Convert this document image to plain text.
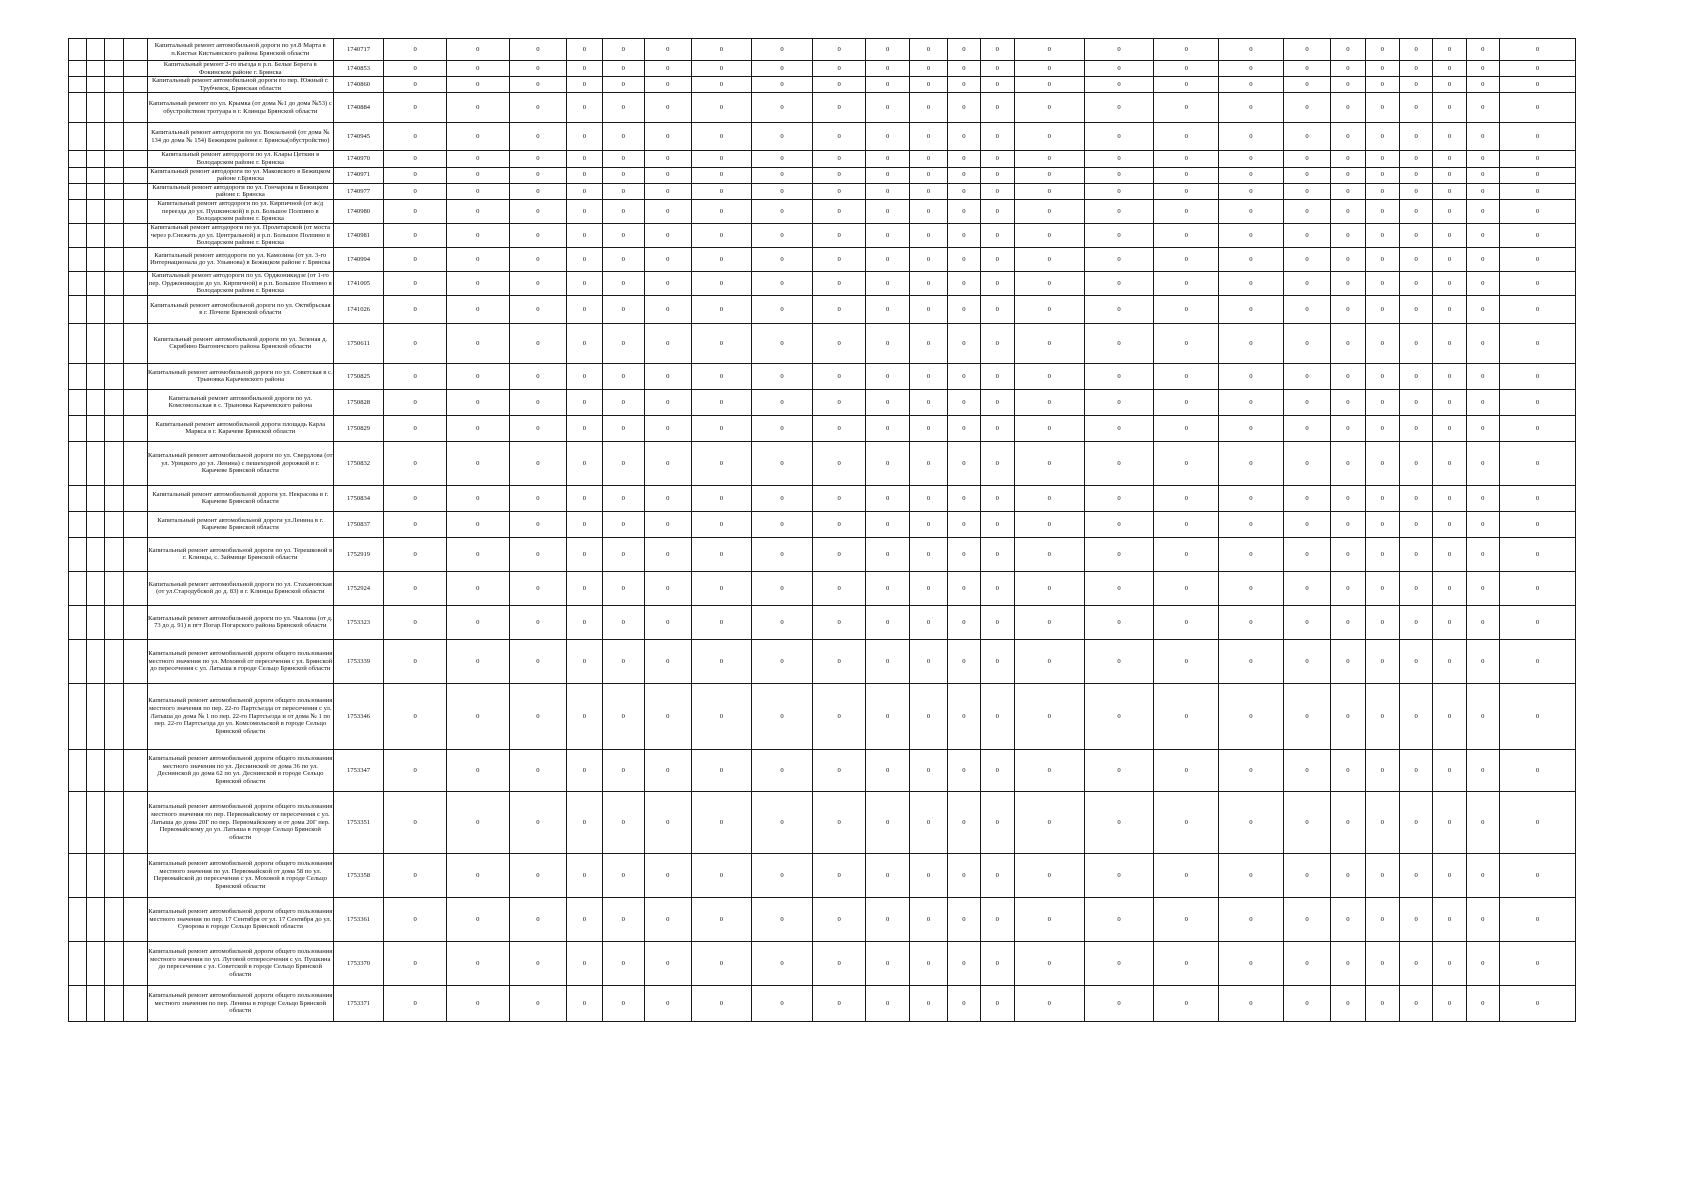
				Капитальный ремонт автомобильной дороги по ул.8 Марта в п.Кистьи Кистьянского района Брянской области	1740717	0	0	0	0	0	0	0	0	0	0	0	0	0	0	0	0	0	0	0	0	0	0	0	0
				Капитальный ремонт 2-го въезда в р.п. Белые Берега в Фокинском районе г. Брянска	1740853	0	0	0	0	0	0	0	0	0	0	0	0	0	0	0	0	0	0	0	0	0	0	0	0
				Капитальный ремонт автомобильной дороги по пер. Южный г. Трубчевск, Брянская области	1740860	0	0	0	0	0	0	0	0	0	0	0	0	0	0	0	0	0	0	0	0	0	0	0	0
				Капитальный ремонт по ул. Крымка (от дома №1 до дома №53) с обустройством тротуара в г. Клинцы Брянской области	1740884	0	0	0	0	0	0	0	0	0	0	0	0	0	0	0	0	0	0	0	0	0	0	0	0
				Капитальный ремонт автодороги по ул. Вокзальной (от дома № 134 до дома № 154) Бежицком районе г. Брянска(обустройство)	1740945	0	0	0	0	0	0	0	0	0	0	0	0	0	0	0	0	0	0	0	0	0	0	0	0
				Капитальный ремонт автодороги по ул. Клары Цеткин в Володарском районе г. Брянска	1740970	0	0	0	0	0	0	0	0	0	0	0	0	0	0	0	0	0	0	0	0	0	0	0	0
				Капитальный ремонт автодороги по ул. Маковского в Бежицком районе г.Брянска	1740971	0	0	0	0	0	0	0	0	0	0	0	0	0	0	0	0	0	0	0	0	0	0	0	0
				Капитальный ремонт автодороги по ул. Гончарова в Бежицком районе г. Брянска	1740977	0	0	0	0	0	0	0	0	0	0	0	0	0	0	0	0	0	0	0	0	0	0	0	0
				Капитальный ремонт автодороги по ул. Кирпичной (от ж/д переезда до ул. Пушкинской) в р.п. Большое Полпино в Володарском районе г. Брянска	1740980	0	0	0	0	0	0	0	0	0	0	0	0	0	0	0	0	0	0	0	0	0	0	0	0
				Капитальный ремонт автодороги по ул. Пролетарской (от моста через р.Снежеть до ул. Центральной) в р.п. Большое Полпино в Володарском районе г. Брянска	1740981	0	0	0	0	0	0	0	0	0	0	0	0	0	0	0	0	0	0	0	0	0	0	0	0
				Капитальный ремонт автодороги по ул. Камозина (от ул. 3-го Интернационала до ул. Ульянова) в Бежицком районе г. Брянска	1740994	0	0	0	0	0	0	0	0	0	0	0	0	0	0	0	0	0	0	0	0	0	0	0	0
				Капитальный ремонт автодороги по ул. Орджоникидзе (от 1-го пер. Орджоникидзе до ул. Кирпичной) в р.п. Большое Полпино в Володарском районе г. Брянска	1741005	0	0	0	0	0	0	0	0	0	0	0	0	0	0	0	0	0	0	0	0	0	0	0	0
				Капитальный ремонт автомобильной дороги по ул. Октябрьская в г. Почепе Брянской области	1741026	0	0	0	0	0	0	0	0	0	0	0	0	0	0	0	0	0	0	0	0	0	0	0	0
				Капитальный ремонт автомобильной дороги по ул. Зеленая д. Скрябино Выгоничского района Брянской области	1750611	0	0	0	0	0	0	0	0	0	0	0	0	0	0	0	0	0	0	0	0	0	0	0	0
				Капитальный ремонт автомобильной дороги по ул. Советская в с. Трыновка Карачевского района	1750825	0	0	0	0	0	0	0	0	0	0	0	0	0	0	0	0	0	0	0	0	0	0	0	0
				Капитальный ремонт автомобильной дороги по ул. Комсомольская в с. Трыновка Карачевского района	1750828	0	0	0	0	0	0	0	0	0	0	0	0	0	0	0	0	0	0	0	0	0	0	0	0
				Капитальный ремонт автомобильной дороги площадь Карла Маркса в г. Карачеве Брянской области	1750829	0	0	0	0	0	0	0	0	0	0	0	0	0	0	0	0	0	0	0	0	0	0	0	0
				Капитальный ремонт автомобильной дороги по ул. Свердлова (от ул. Урицкого до ул. Ленина) с пешеходной дорожкой в г. Карачеве Брянской области	1750832	0	0	0	0	0	0	0	0	0	0	0	0	0	0	0	0	0	0	0	0	0	0	0	0
				Капитальный ремонт автомобильной дороги ул. Некрасова в г. Карачеве Брянской области	1750834	0	0	0	0	0	0	0	0	0	0	0	0	0	0	0	0	0	0	0	0	0	0	0	0
				Капитальный ремонт автомобильной дороги ул.Ленина в г. Карачеве Брянской области	1750837	0	0	0	0	0	0	0	0	0	0	0	0	0	0	0	0	0	0	0	0	0	0	0	0
				Капитальный ремонт автомобильной дороги по ул. Терешковой в г. Клинцы, с. Займище Брянской области	1752919	0	0	0	0	0	0	0	0	0	0	0	0	0	0	0	0	0	0	0	0	0	0	0	0
				Капитальный ремонт автомобильной дороги по ул. Стахановская (от ул.Стародубской до д. 83) в г. Клинцы Брянской области	1752924	0	0	0	0	0	0	0	0	0	0	0	0	0	0	0	0	0	0	0	0	0	0	0	0
				Капитальный ремонт автомобильной дороги по ул. Чкалова (от д. 73 до д. 91) в пгт Погар Погарского района Брянской области	1753323	0	0	0	0	0	0	0	0	0	0	0	0	0	0	0	0	0	0	0	0	0	0	0	0
				Капитальный ремонт автомобильной дороги общего пользования местного значения по ул. Моховой от пересечения с ул. Брянской до пересечения с ул. Латыша в городе Сельцо Брянской области	1753339	0	0	0	0	0	0	0	0	0	0	0	0	0	0	0	0	0	0	0	0	0	0	0	0
				Капитальный ремонт автомобильной дороги общего пользования местного значения по пер. 22-го Партсъезда от пересечения с ул. Латыша до дома № 1 по пер. 22-го Партсъезда и от дома № 1 по пер. 22-го Партсъезда до ул. Комсомольской в городе Сельцо Брянской области	1753346	0	0	0	0	0	0	0	0	0	0	0	0	0	0	0	0	0	0	0	0	0	0	0	0
				Капитальный ремонт автомобильной дороги общего пользования местного значения по ул. Деснинской от дома 36 по ул. Деснинской до дома 62 по ул. Деснинской в городе Сельцо Брянской области	1753347	0	0	0	0	0	0	0	0	0	0	0	0	0	0	0	0	0	0	0	0	0	0	0	0
				Капитальный ремонт автомобильной дороги общего пользования местного значения по пер. Первомайскому от пересечения с ул. Латыша до дома 20Г по пер. Первомайскому и от дома 20Г пер. Первомайскому до ул. Латыша в городе Сельцо Брянской области	1753351	0	0	0	0	0	0	0	0	0	0	0	0	0	0	0	0	0	0	0	0	0	0	0	0
				Капитальный ремонт автомобильной дороги общего пользования местного значения по ул. Первомайской от дома 58 по ул. Первомайской до пересечения с ул. Моховой в городе Сельцо Брянской области	1753358	0	0	0	0	0	0	0	0	0	0	0	0	0	0	0	0	0	0	0	0	0	0	0	0
				Капитальный ремонт автомобильной дороги общего пользования местного значения по пер. 17 Сентября от ул. 17 Сентября до ул. Суворова в городе Сельцо Брянской области	1753361	0	0	0	0	0	0	0	0	0	0	0	0	0	0	0	0	0	0	0	0	0	0	0	0
				Капитальный ремонт автомобильной дороги общего пользования местного значения по ул. Луговой отпересечения с ул. Пушкина до пересечения с ул. Советской в городе Сельцо Брянской области	1753370	0	0	0	0	0	0	0	0	0	0	0	0	0	0	0	0	0	0	0	0	0	0	0	0
				Капитальный ремонт автомобильной дороги общего пользования местного значения по пер. Ленина в городе Сельцо Брянской области	1753371	0	0	0	0	0	0	0	0	0	0	0	0	0	0	0	0	0	0	0	0	0	0	0	0
